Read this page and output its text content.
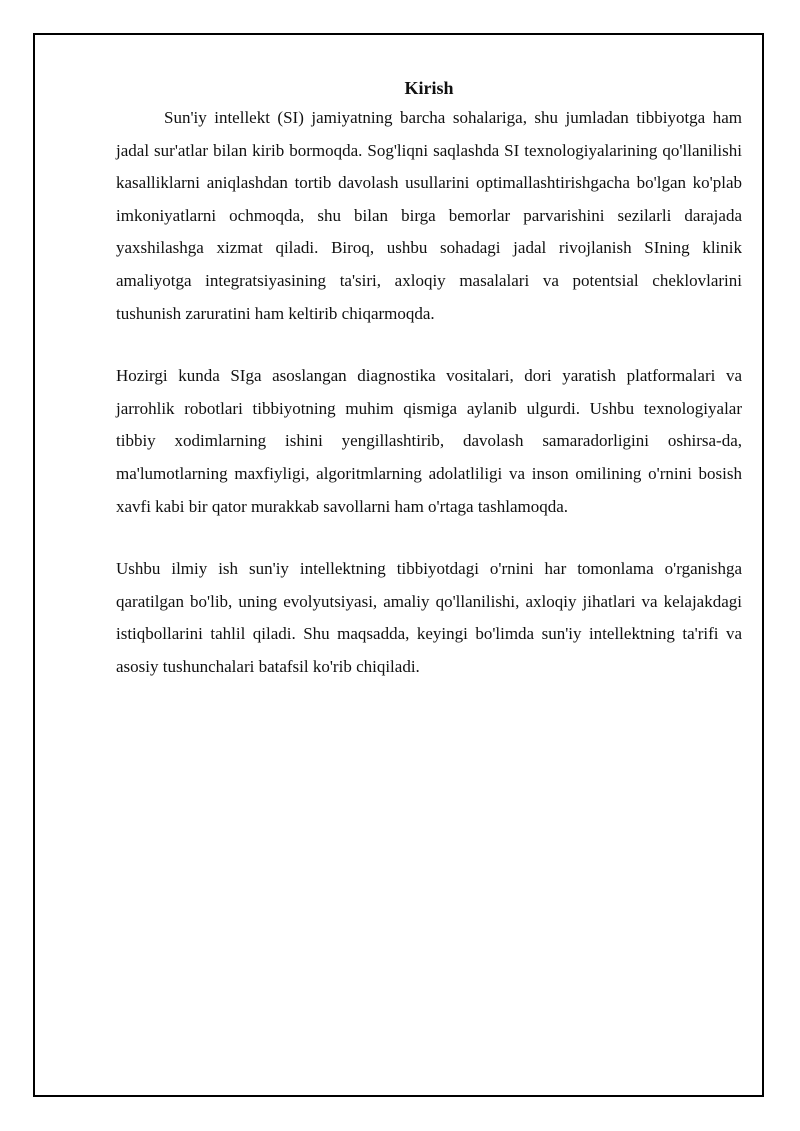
Kirish

Sun'iy intellekt (SI) jamiyatning barcha sohalariga, shu jumladan tibbiyotga ham jadal sur'atlar bilan kirib bormoqda. Sog'liqni saqlashda SI texnologiyalarining qo'llanilishi kasalliklarni aniqlashdan tortib davolash usullarini optimallashtirishgacha bo'lgan ko'plab imkoniyatlarni ochmoqda, shu bilan birga bemorlar parvarishini sezilarli darajada yaxshilashga xizmat qiladi. Biroq, ushbu sohadagi jadal rivojlanish SIning klinik amaliyotga integratsiyasining ta'siri, axloqiy masalalari va potentsial cheklovlarini tushunish zaruratini ham keltirib chiqarmoqda.

Hozirgi kunda SIga asoslangan diagnostika vositalari, dori yaratish platformalari va jarrohlik robotlari tibbiyotning muhim qismiga aylanib ulgurdi. Ushbu texnologiyalar tibbiy xodimlarning ishini yengillashtirib, davolash samaradorligini oshirsa-da, ma'lumotlarning maxfiyligi, algoritmlarning adolatliligi va inson omilining o'rnini bosish xavfi kabi bir qator murakkab savollarni ham o'rtaga tashlamoqda.

Ushbu ilmiy ish sun'iy intellektning tibbiyotdagi o'rnini har tomonlama o'rganishga qaratilgan bo'lib, uning evolyutsiyasi, amaliy qo'llanilishi, axloqiy jihatlari va kelajakdagi istiqbollarini tahlil qiladi. Shu maqsadda, keyingi bo'limda sun'iy intellektning ta'rifi va asosiy tushunchalari batafsil ko'rib chiqiladi.
